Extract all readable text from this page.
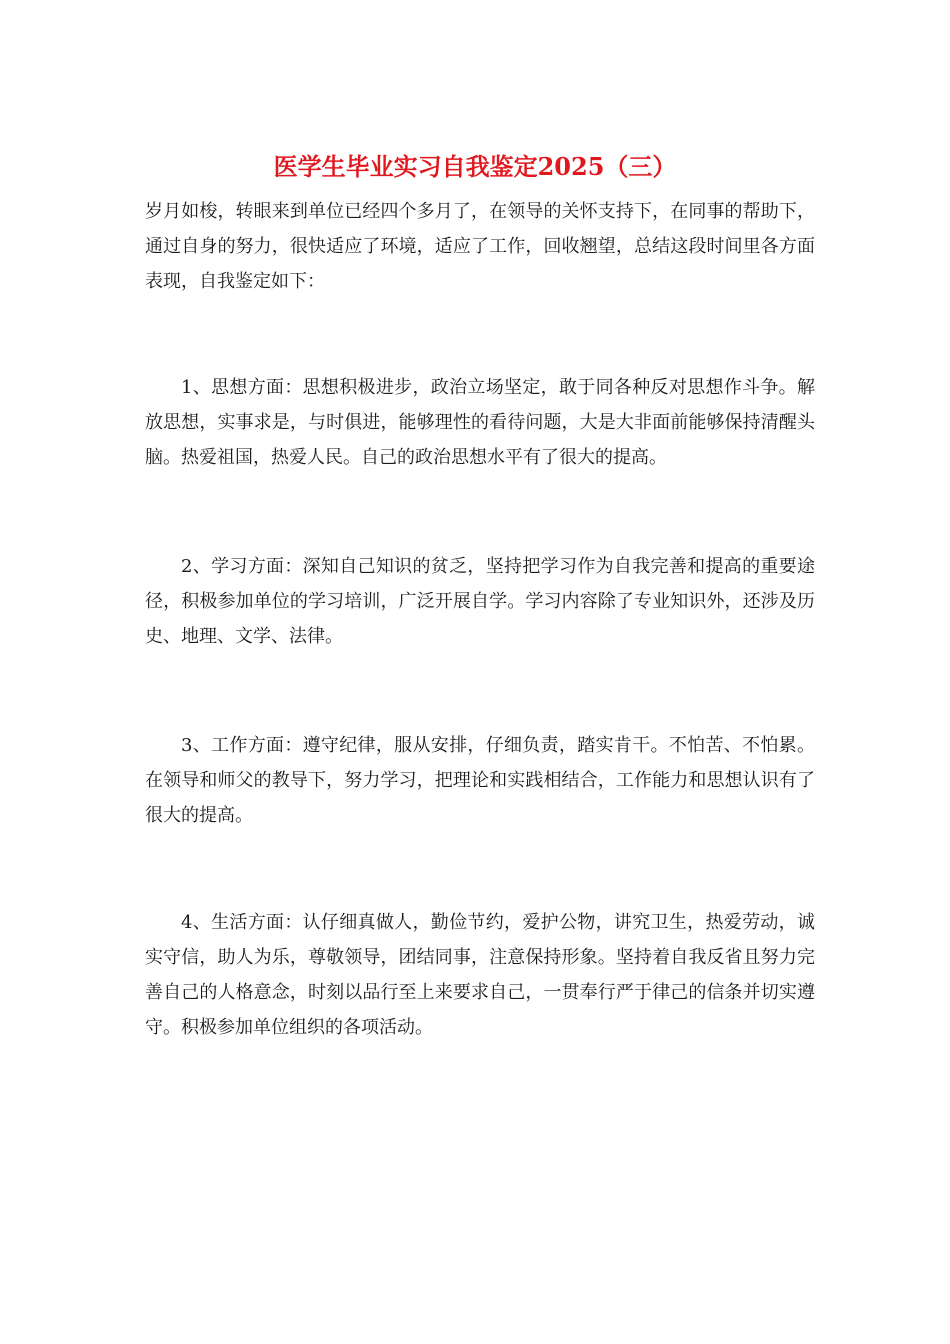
医学生毕业实习自我鉴定2025（三）

岁月如梭，转眼来到单位已经四个多月了，在领导的关怀支持下，在同事的帮助下，通过自身的努力，很快适应了环境，适应了工作，回收翘望，总结这段时间里各方面表现，自我鉴定如下：

1、思想方面：思想积极进步，政治立场坚定，敢于同各种反对思想作斗争。解放思想，实事求是，与时俱进，能够理性的看待问题，大是大非面前能够保持清醒头脑。热爱祖国，热爱人民。自己的政治思想水平有了很大的提高。

2、学习方面：深知自己知识的贫乏，坚持把学习作为自我完善和提高的重要途径，积极参加单位的学习培训，广泛开展自学。学习内容除了专业知识外，还涉及历史、地理、文学、法律。

3、工作方面：遵守纪律，服从安排，仔细负责，踏实肯干。不怕苦、不怕累。在领导和师父的教导下，努力学习，把理论和实践相结合，工作能力和思想认识有了很大的提高。

4、生活方面：认仔细真做人，勤俭节约，爱护公物，讲究卫生，热爱劳动，诚实守信，助人为乐，尊敬领导，团结同事，注意保持形象。坚持着自我反省且努力完善自己的人格意念，时刻以品行至上来要求自己，一贯奉行严于律己的信条并切实遵守。积极参加单位组织的各项活动。
